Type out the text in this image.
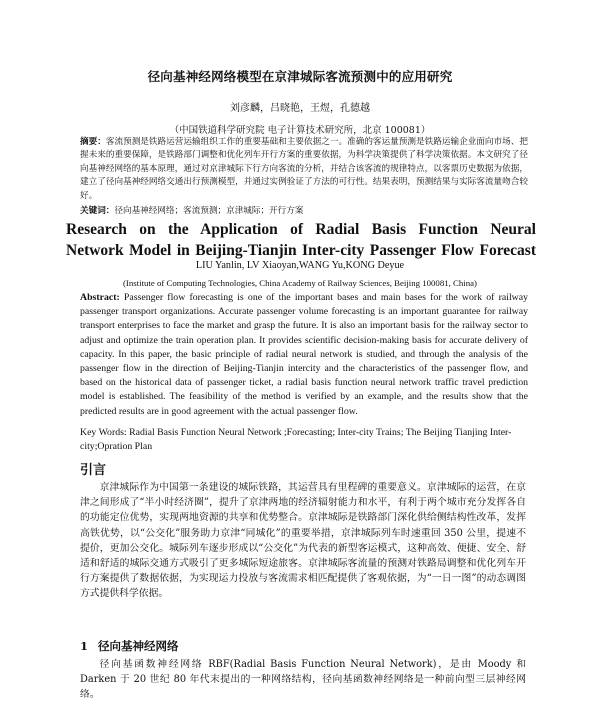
径向基神经网络模型在京津城际客流预测中的应用研究
刘彦麟，吕晓艳，王煜，孔德越
（中国铁道科学研究院 电子计算技术研究所，北京 100081）
摘要：客流预测是铁路运营运输组织工作的重要基础和主要依据之一。准确的客运量预测是铁路运输企业面向市场、把握未来的重要保障，是铁路部门调整和优化列车开行方案的重要依据，为科学决策提供了科学决策依据。本文研究了径向基神经网络的基本原理，通过对京津城际下行方向客流的分析，并结合该客流的规律特点，以客票历史数据为依据，建立了径向基神经网络交通出行预测模型，并通过实例验证了方法的可行性。结果表明，预测结果与实际客流量吻合较好。
关键词：径向基神经网络；客流预测；京津城际；开行方案
Research on the Application of Radial Basis Function Neural
Network Model in Beijing-Tianjin Inter-city Passenger Flow Forecast
LIU Yanlin, LV Xiaoyan,WANG Yu,KONG Deyue
(Institute of Computing Technologies, China Academy of Railway Sciences, Beijing 100081, China)
Abstract: Passenger flow forecasting is one of the important bases and main bases for the work of railway passenger transport organizations. Accurate passenger volume forecasting is an important guarantee for railway transport enterprises to face the market and grasp the future. It is also an important basis for the railway sector to adjust and optimize the train operation plan. It provides scientific decision-making basis for accurate delivery of capacity. In this paper, the basic principle of radial neural network is studied, and through the analysis of the passenger flow in the direction of Beijing-Tianjin intercity and the characteristics of the passenger flow, and based on the historical data of passenger ticket, a radial basis function neural network traffic travel prediction model is established. The feasibility of the method is verified by an example, and the results show that the predicted results are in good agreement with the actual passenger flow.
Key Words: Radial Basis Function Neural Network ;Forecasting; Inter-city Trains; The Beijing Tianjing Inter-city;Opration Plan
引言
京津城际作为中国第一条建设的城际铁路，其运营具有里程碑的重要意义。京津城际的运营，在京津之间形成了“半小时经济圈”，提升了京津两地的经济辐射能力和水平，有利于两个城市充分发挥各自的功能定位优势，实现两地资源的共享和优势整合。京津城际是铁路部门深化供给侧结构性改革，发挥高铁优势，以“公交化”服务助力京津“同城化”的重要举措，京津城际列车时速重回 350 公里，提速不提价，更加公交化。城际列车逐步形成以“公交化”为代表的新型客运模式，这种高效、便捷、安全、舒适和舒适的城际交通方式吸引了更多城际短途旅客。京津城际客流量的预测对铁路局调整和优化列车开行方案提供了数据依据，为实现运力投放与客流需求相匹配提供了客观依据，为“一日一图”的动态调图方式提供科学依据。
1 径向基神经网络
径向基函数神经网络 RBF(Radial Basis Function Neural Network)，是由 Moody 和 Darken 于 20 世纪 80 年代末提出的一种网络结构，径向基函数神经网络是一种前向型三层神经网络。
